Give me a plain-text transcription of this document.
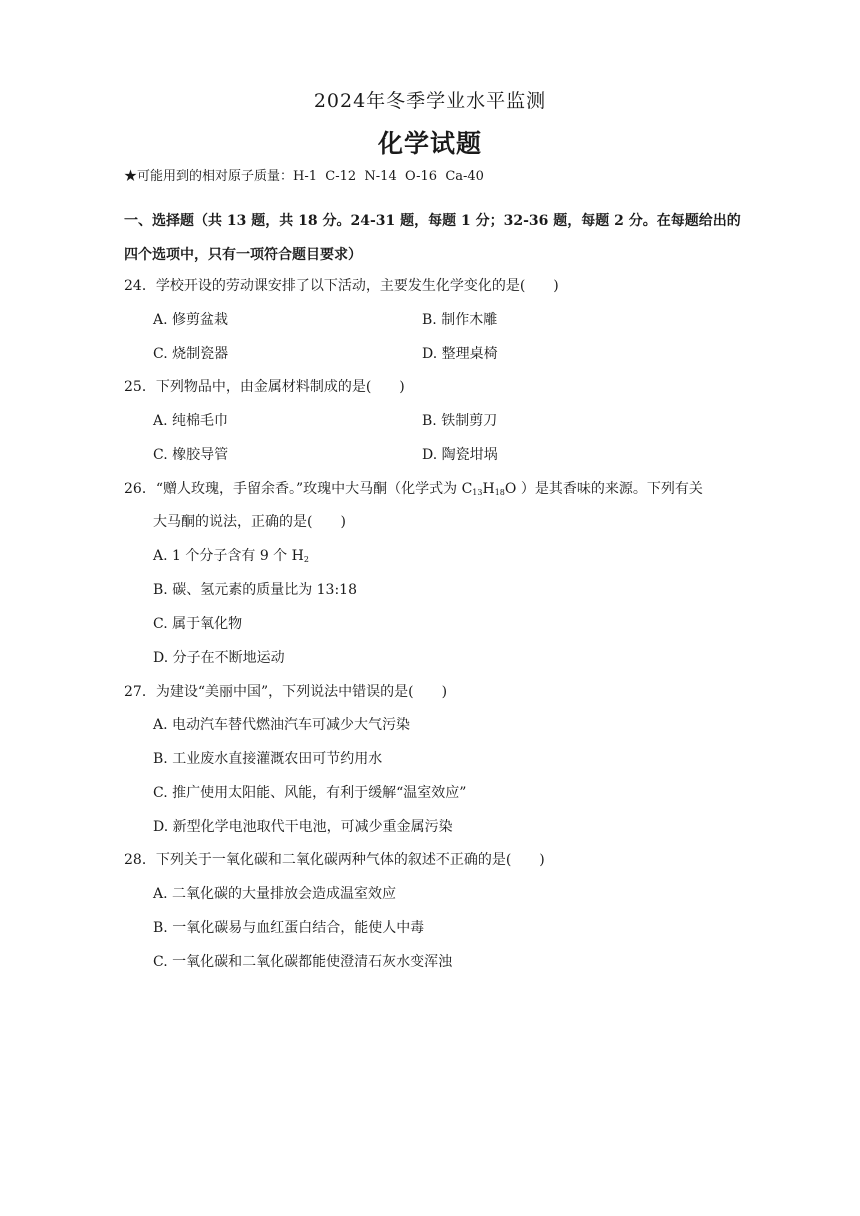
2024年冬季学业水平监测
化学试题
★可能用到的相对原子质量：H-1  C-12  N-14  O-16  Ca-40
一、选择题（共 13 题，共 18 分。24-31 题，每题 1 分；32-36 题，每题 2 分。在每题给出的
四个选项中，只有一项符合题目要求）
24．学校开设的劳动课安排了以下活动，主要发生化学变化的是(　　)
A. 修剪盆栽	B. 制作木雕
C. 烧制瓷器	D. 整理桌椅
25．下列物品中，由金属材料制成的是(　　)
A. 纯棉毛巾	B. 铁制剪刀
C. 橡胶导管	D. 陶瓷坩埚
26．“赠人玫瑰，手留余香。”玫瑰中大马酮（化学式为 $C_{13}H_{18}O$ ）是其香味的来源。下列有关
大马酮的说法，正确的是(　　)
A. 1 个分子含有 9 个 $H_2$
B. 碳、氢元素的质量比为 13:18
C. 属于氧化物
D. 分子在不断地运动
27．为建设“美丽中国”，下列说法中错误的是(　　)
A. 电动汽车替代燃油汽车可减少大气污染
B. 工业废水直接灌溉农田可节约用水
C. 推广使用太阳能、风能，有利于缓解“温室效应”
D. 新型化学电池取代干电池，可减少重金属污染
28．下列关于一氧化碳和二氧化碳两种气体的叙述不正确的是(　　)
A. 二氧化碳的大量排放会造成温室效应
B. 一氧化碳易与血红蛋白结合，能使人中毒
C. 一氧化碳和二氧化碳都能使澄清石灰水变浑浊
